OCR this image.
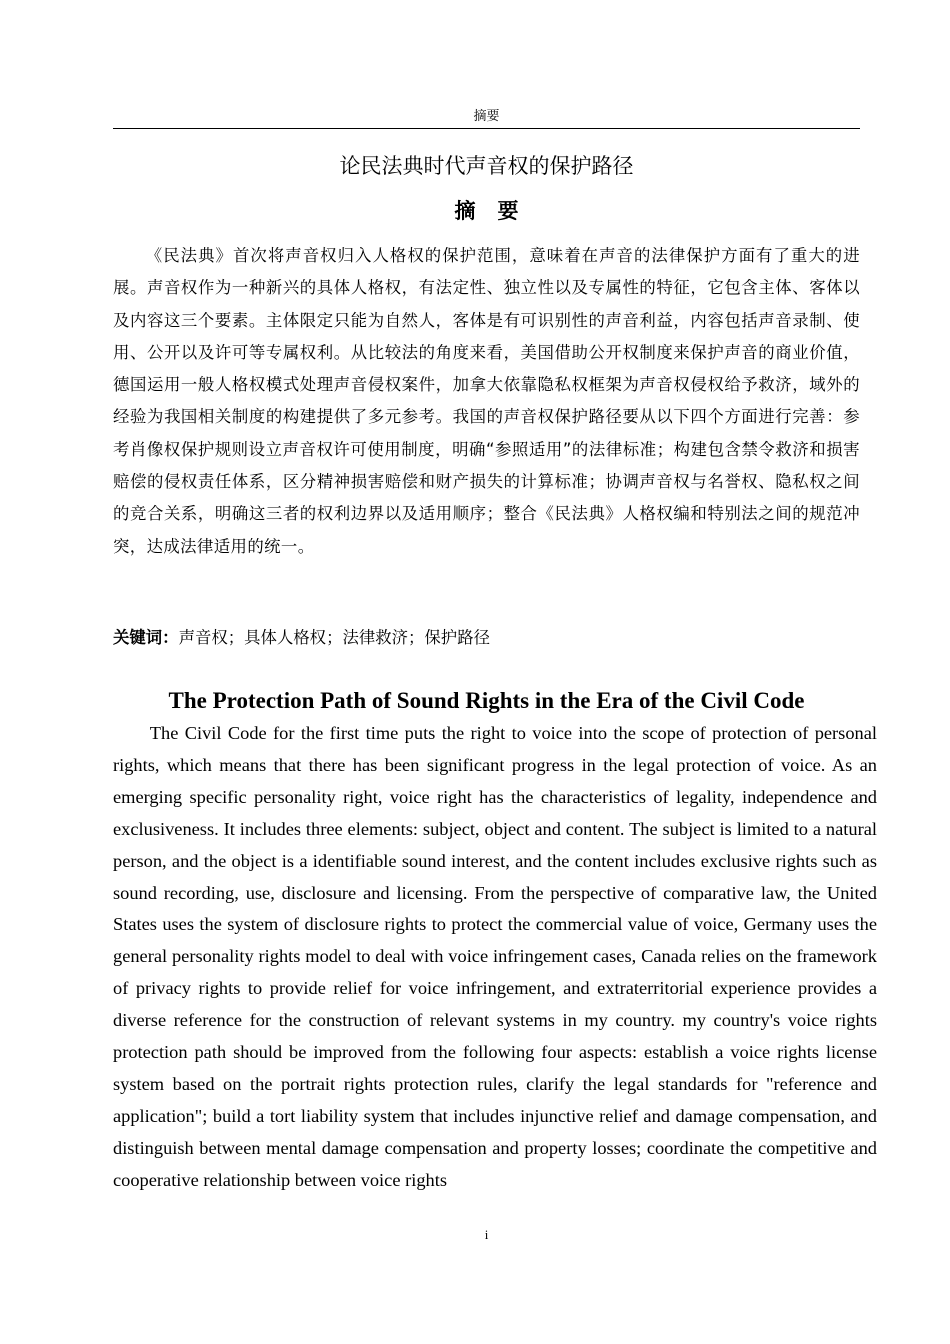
摘要
论民法典时代声音权的保护路径
摘要

《民法典》首次将声音权归入人格权的保护范围，意味着在声音的法律保护方面有了重大的进展。声音权作为一种新兴的具体人格权，有法定性、独立性以及专属性的特征，它包含主体、客体以及内容这三个要素。主体限定只能为自然人，客体是有可识别性的声音利益，内容包括声音录制、使用、公开以及许可等专属权利。从比较法的角度来看，美国借助公开权制度来保护声音的商业价值，德国运用一般人格权模式处理声音侵权案件，加拿大依靠隐私权框架为声音权侵权给予救济，域外的经验为我国相关制度的构建提供了多元参考。我国的声音权保护路径要从以下四个方面进行完善：参考肖像权保护规则设立声音权许可使用制度，明确“参照适用”的法律标准；构建包含禁令救济和损害赔偿的侵权责任体系，区分精神损害赔偿和财产损失的计算标准；协调声音权与名誉权、隐私权之间的竞合关系，明确这三者的权利边界以及适用顺序；整合《民法典》人格权编和特别法之间的规范冲突，达成法律适用的统一。

关键词：声音权；具体人格权；法律救济；保护路径
The Protection Path of Sound Rights in the Era of the Civil Code

The Civil Code for the first time puts the right to voice into the scope of protection of personal rights, which means that there has been significant progress in the legal protection of voice. As an emerging specific personality right, voice right has the characteristics of legality, independence and exclusiveness. It includes three elements: subject, object and content. The subject is limited to a natural person, and the object is a identifiable sound interest, and the content includes exclusive rights such as sound recording, use, disclosure and licensing. From the perspective of comparative law, the United States uses the system of disclosure rights to protect the commercial value of voice, Germany uses the general personality rights model to deal with voice infringement cases, Canada relies on the framework of privacy rights to provide relief for voice infringement, and extraterritorial experience provides a diverse reference for the construction of relevant systems in my country. my country's voice rights protection path should be improved from the following four aspects: establish a voice rights license system based on the portrait rights protection rules, clarify the legal standards for "reference and application"; build a tort liability system that includes injunctive relief and damage compensation, and distinguish between mental damage compensation and property losses; coordinate the competitive and cooperative relationship between voice rights

i
